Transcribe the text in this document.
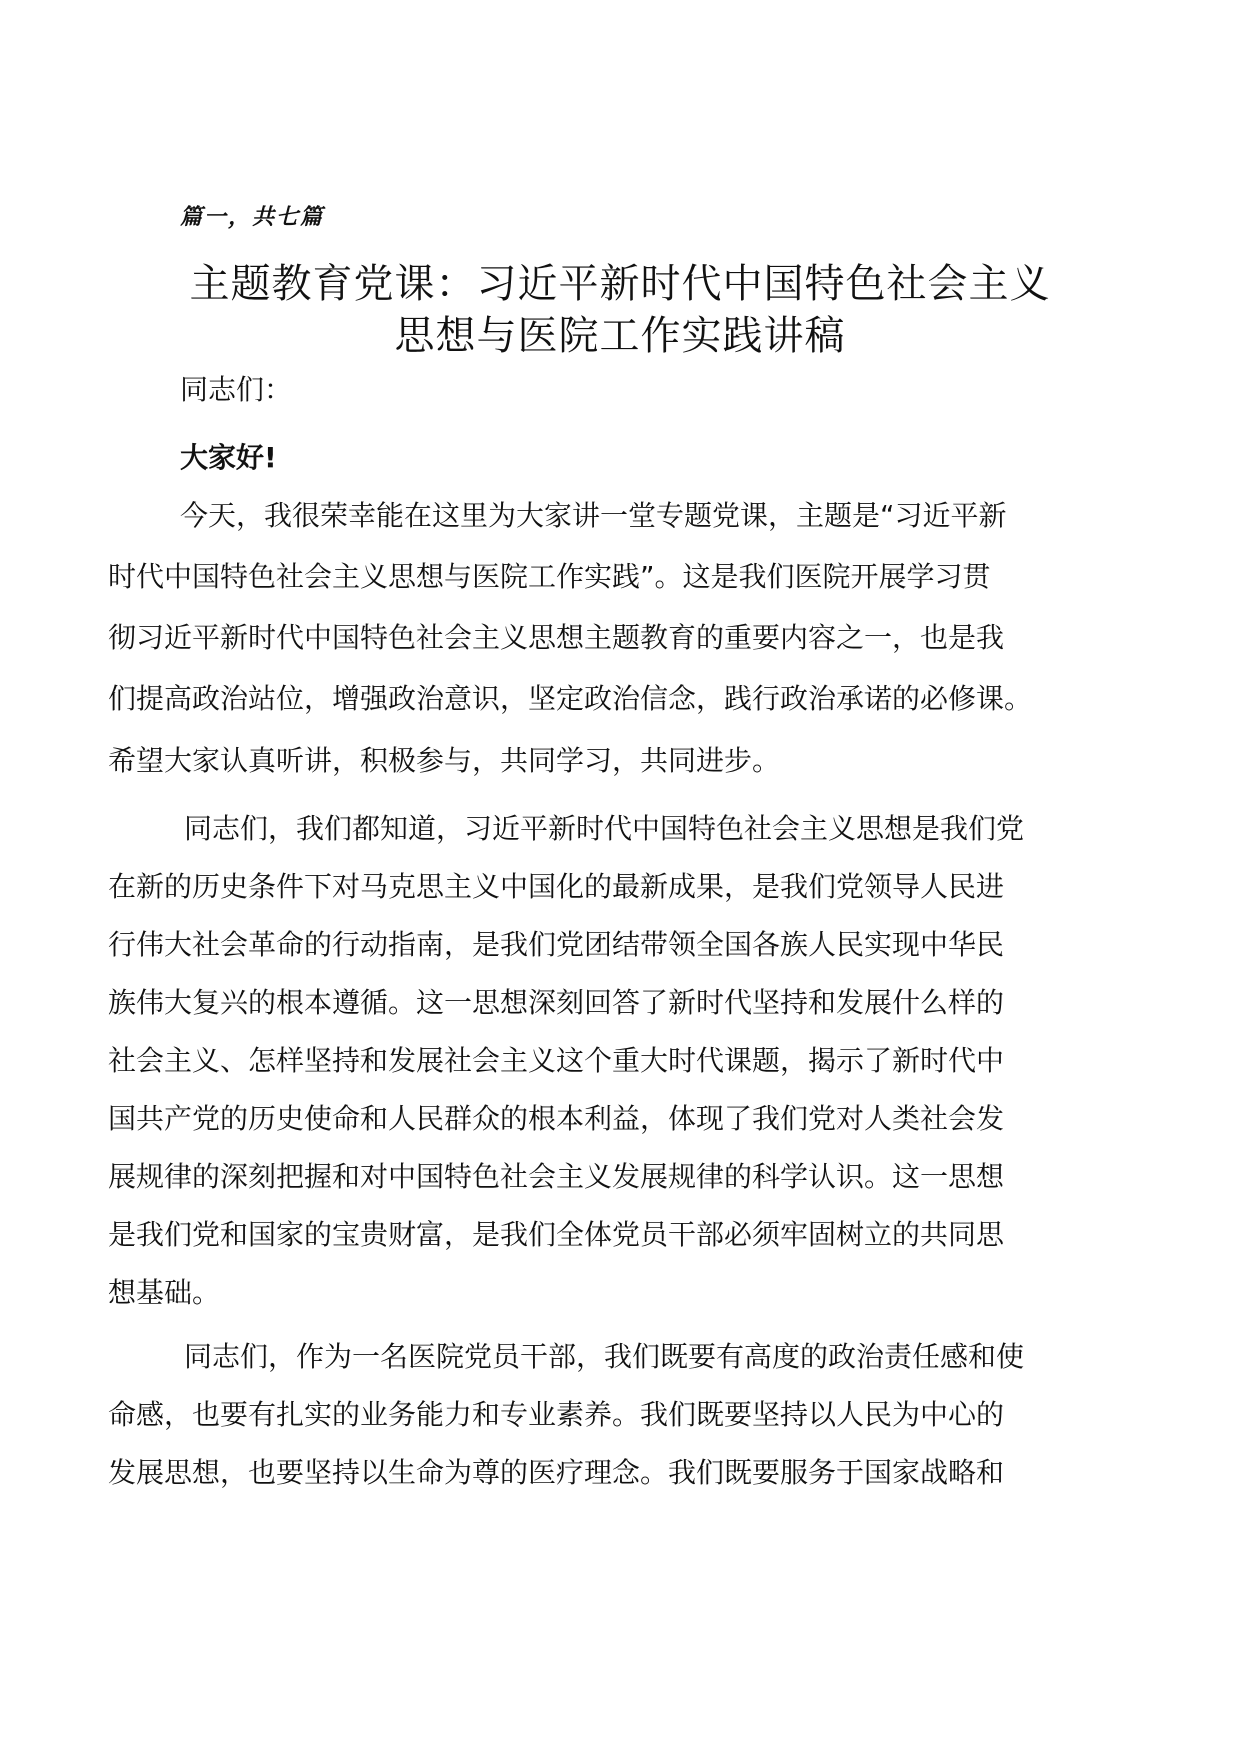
篇一，共七篇
主题教育党课：习近平新时代中国特色社会主义
思想与医院工作实践讲稿
同志们：
大家好!
今天，我很荣幸能在这里为大家讲一堂专题党课，主题是“习近平新
时代中国特色社会主义思想与医院工作实践”。这是我们医院开展学习贯
彻习近平新时代中国特色社会主义思想主题教育的重要内容之一，也是我
们提高政治站位，增强政治意识，坚定政治信念，践行政治承诺的必修课。
希望大家认真听讲，积极参与，共同学习，共同进步。
同志们，我们都知道，习近平新时代中国特色社会主义思想是我们党
在新的历史条件下对马克思主义中国化的最新成果，是我们党领导人民进
行伟大社会革命的行动指南，是我们党团结带领全国各族人民实现中华民
族伟大复兴的根本遵循。这一思想深刻回答了新时代坚持和发展什么样的
社会主义、怎样坚持和发展社会主义这个重大时代课题，揭示了新时代中
国共产党的历史使命和人民群众的根本利益，体现了我们党对人类社会发
展规律的深刻把握和对中国特色社会主义发展规律的科学认识。这一思想
是我们党和国家的宝贵财富，是我们全体党员干部必须牢固树立的共同思
想基础。
同志们，作为一名医院党员干部，我们既要有高度的政治责任感和使
命感，也要有扎实的业务能力和专业素养。我们既要坚持以人民为中心的
发展思想，也要坚持以生命为尊的医疗理念。我们既要服务于国家战略和
